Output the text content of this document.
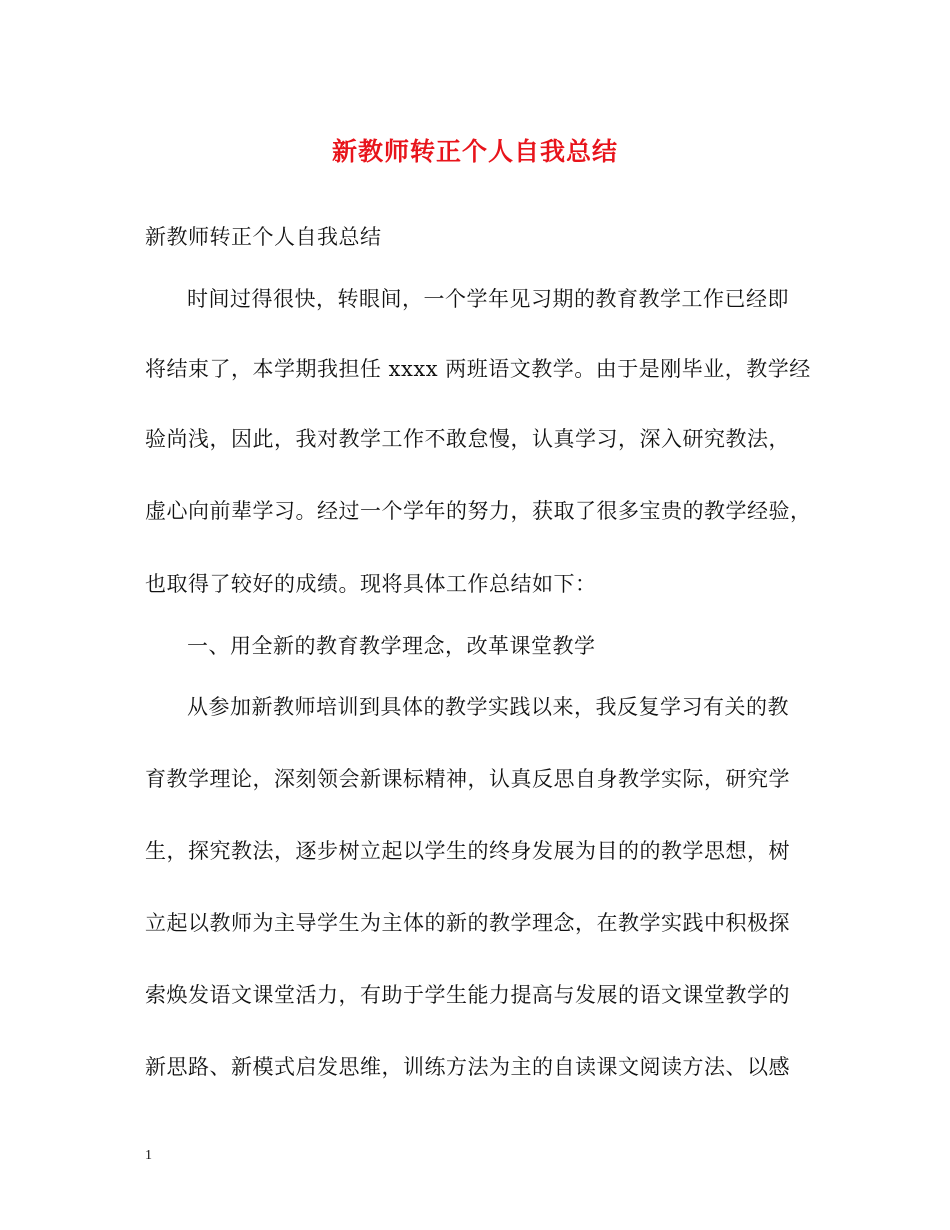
新教师转正个人自我总结
新教师转正个人自我总结
时间过得很快，转眼间，一个学年见习期的教育教学工作已经即
将结束了，本学期我担任 xxxx 两班语文教学。由于是刚毕业，教学经
验尚浅，因此，我对教学工作不敢怠慢，认真学习，深入研究教法，
虚心向前辈学习。经过一个学年的努力，获取了很多宝贵的教学经验，
也取得了较好的成绩。现将具体工作总结如下：
一、用全新的教育教学理念，改革课堂教学
从参加新教师培训到具体的教学实践以来，我反复学习有关的教
育教学理论，深刻领会新课标精神，认真反思自身教学实际，研究学
生，探究教法，逐步树立起以学生的终身发展为目的的教学思想，树
立起以教师为主导学生为主体的新的教学理念，在教学实践中积极探
索焕发语文课堂活力，有助于学生能力提高与发展的语文课堂教学的
新思路、新模式启发思维，训练方法为主的自读课文阅读方法、以感
1
